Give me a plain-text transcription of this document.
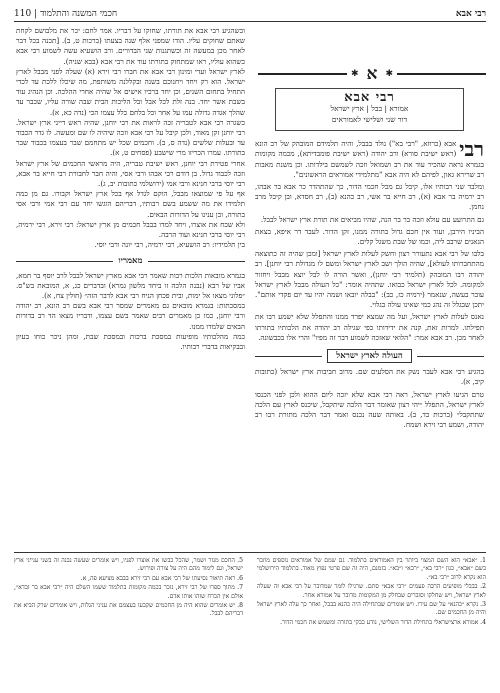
רבי אבא
110 | חכמי המשנה והתלמוד

וכשהגיע רבי אבא את תורתו, שחזקו על דבריו. אמר לחם: יכר את מלבושם לקחת שאתם שחוקים עליו. הודו שמפני אלף שנה בצעתו (ברכות ט, ב). [תכנה בכל דבר לאחר מכן במעשה זה וכשתגנות שני הבדורים. ורב הושעיא עשה לשמוע רבי אבא כשהוא עוליו, ראו שמתחזק בתורתו עוד את רבי אבא (בבא שניה).

לארץ ישראל ועדי ומינון רבי אבא את חברו רבי זירא (א) שעלה לפני מבבל לארץ ישראל. הוא רק ויחד ויחנוכם בשנה ובקללנה משותפת, מה שיכלו ללכת עד לכדי התחיל בתחום השנים, וכן יחד ברכיו אישים אל שהיה אחרי ההלכה. וכן הנהיג עוד בשבת אשר יחד. בנה זלת לכל אבל ובל הליכות הבית שבה שורה עליו, שכבר עד שהלך אגדה גדולה עמו על אחר וכל בלחם כלל עצמו הכי (נדה כא, א).

כשגרה רבי אבא לטבריה זכה לראות את רבי יוחנן, שהיה ראש דייני ארץ ישראל. רבי יוחנן זקן מאוד, ולכן קיבל על רבי אבא וזכה שיהיה לו שם ומעשה. לו גדר הכבוד עד ובעלות שלשים (נדה ס, ב). וחכמים שכל יש מתחמם שבר בעצמו בכבוד שבר בתורתו. עמרו הכריזו מרי שישבע (פסחים ט, א).

אחרי פטירת רבי יוחנן, ראש ישיבת טבריה, היה מראשי החכמים של ארץ ישראל וזכה לכבוד גדול. בן דודם רבי אבהו ורבי אסי, והיה חבר לחבורת רבי חייא בר אבא, רבי יוסי ברבי חנינא ורבי אמי (ירושלמי כתובות יב, ג).

אף על פי שמוצאו מבבל, הוקם לגדל אף בכל ארץ ישראל וקבורו. גם מן כמה תלמידו את מה ששמע בשם רבותיו, דבריהם הוגשו יחד עם רבי אמי ורבי אסי בתורה, וכן ענינו על הדורות הבאים.

ולא שכח את אוצרו, ויחד למדו בבבל חכמים מן ארץ ישראל: רבי זירא, רבי ירמיה, רבי יוסי ברבי חנינא ועוד הרבה.

בין תלמידיו: רב הושעיא, רבי ירמיה, רבי יונה ורבי יוסי.

מאמריו

בגמרא מובאות הלכות רבות שאמר רבי אבא מארץ ישראל לבבל לרב יוסף בר חמא, אביו של רבא (נבנה הלכה זו ביחד מלשון גמרא) ובדברים כג, א, המובאת בש"ס. ״פלוני מצאו אל ימות, ובית פכחן הניח רבי אבא לדבר הזה״ (חולין צח, א).

במסכתות: בגמרא מובאים גם מאמרים שמסר רבי אבא בשם רב הונא, רב יהודה ורבי יוחנן, כמו כן מאמרים רבים שאמר בשם עצמו, ודבריו מצאו הד רב בדורות הבאים שלמדו ממנו.

כמה מהלכותיו מופיעות במסכת ברכות ובמסכת שבת, ומהן ניכר כוחו בעיון ובבקיאות בדברי רבותיו.

✱
א
✱
רבי אבא
אמורא | בבל | ארץ ישראל
דור שני ושלישי לאמוראים

רבי
אבא (כרוזא, "רבי בא") נולד בבבל, והיה תלמידם המובהק של רב הונא (ראש ישיבת סורא) ורב יהודה (ראש ישיבת פומבדיתא), מכמה מקומות בגמרא נראה שהכיר עוד את רב ושמואל וזכה לשמשם בילדותו. וכן משנת מאבות רב שרירא גאון, לפיהם לא היה אבא "מתלמידי אמוראים הראשונים".

ומלבד שני רבותיו אלו, קיבל גם מכל חכמי הדור, כך שהתהדר כר אבא בר אבהו, רב ירמיה בר אבא (א), רב חייא בר אשי, רב כהנא (ב), רב חסדא, ובן קיבל מרב נחמן.

גם התרועע עם עולא וזכה בר בר הנה, שהיו מביאים את תורת ארץ ישראל לבבל.

הביניו הירבן, ועוד אין חכם גדול בתורה ממנו, זקן הדור. לעבד דר איפא, בצאת הגאנים שרבב ליה, וכמו של שבת משגל קלים.

בלבו של רבי אבא נתעורר רצון וחשק לעלות לארץ ישראל [ומכן שהיה זה כתוצאה מהתחברותו לעולא], שהיה הולך ושב לארץ ישראל ומשם לו מגדולת רבי יוחנן]. רב יהודה רבו המובהק (תלמיד רבי יוחנן), ואשר הורה לו לבל יוצא מבבל ויחזור למקומה. לכל לארץ ישראל כבואו. שתהיה אומר: "כל העולה מבבל לארץ ישראל עובר בעשה, שנאמר (ירמיה כז, כב): "בבלה יובאו ושמה יהיו עד יום פקדי אותם". יתכן שבגלל זה נהג כמי שאינו עולה בגלוי.

נאנס לעלות לארץ ישראל, ועל מה שמצא יפרד ממנו והתפלל שלא ישמע רבו את תפילתו. למרות זאת, קנה את ידידותו כפי שגילה רב יהודה את הלכותיו בתורתו לאחר מכן. רב אבא אמר: "הלואי שאזכה לשמוע דבר זה מפיו" והרי אלו בכבשונה.

העולה לארץ ישראל

בהגיע רבי אבא לעבר נשק את הסלעים שם. מרוב חביבות ארץ ישראל (כתובות קיב, א).

טרם הגיעו לארץ ישראל, ראה רבי אבא שלא יזכה ליום ההוא ולכן לפני הכנסו לארץ ישראל, התפלל ״יהי רצון שאומר דבר הלכה שיתקבל, שיכנס לארץ עם הלכה שתתקבל״ (ברכות כד, ב). באותה שעה נכנס ואמר דבר הלכה מתורת רבו רב יהודה, ושמע רבי זירא ושמח.

1. ״אבא״ הוא השם המצוי ביותר בין האמוראים בתלמוד. גם שמם של אמוראים נוספים מוזכר בשם ״אבא״, כגון ״רבי בא״, ״רבא״ ו״בא״. בזמנם, היה זה שם פרטי נפוץ מאוד. בתלמוד הירושלמי הוא נקרא לרוב ״רבי בא״.

2. בבבלי מופיעים הרבה פעמים ״רבי אבא״ סתם. שרגילו לומר שמדובר על רבי אבא זה שעלה לארץ ישראל, ויש שחלקו וסוברים שבחלק מן המקומות מדובר על אמורא אחר.

3. נקרא ״כהנא״ על שם עירו. ויש אומרים שבתחילה היה כהנא בבבל, ואחר כך עלה לארץ ישראל והיה מן החכמים שם.

4. אמורא ארצישראלי בתחילת הדור השלישי, נודע כבקי בתורה ומשמש את חכמי הדור.

5. החכם מנזר ושמר, שהכל כבשו את אוצרו לפניו, ויש אומרים שעשה נבנה זה בשני ענייני ארץ ישראל, וגם לימוד מהם היה על צורה ופירוש.

6. ראה תיאור נסיעתו של רבי אבא עם רבי זירא בבבא מציעא פה, א.

7. מתוך ספרו של רבי זירא, נזכר בכמה מקומות בתלמוד ששמו השלם היה ״רבי אבא בר זבדא״, אולם אין הכרח שזהו אותו אדם.

8. יש אומרים שהוא היה מן החכמים שקבעו בעצמם את עניני הגלות, ויש אומרים שרק הביא את דבריהם לבבל.
